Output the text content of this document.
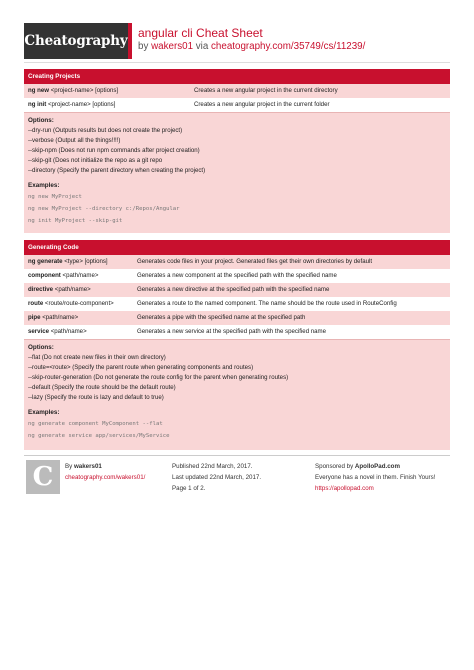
Cheatography angular cli Cheat Sheet
by wakers01 via cheatography.com/35749/cs/11239/
Creating Projects
ng new <project-name> [options]	Creates a new angular project in the current directory
ng init <project-name> [options]	Creates a new angular project in the current folder
Options:
--dry-run (Outputs results but does not create the project)
--verbose (Output all the things!!!!)
--skip-npm (Does not run npm commands after project creation)
--skip-git (Does not initialize the repo as a git repo
--directory (Specify the parent directory when creating the project)
Examples:
ng new MyProject
ng new MyProject --directory c:/Repos/Angular
ng init MyProject --skip-git
Generating Code
ng generate <type> [options]	Generates code files in your project. Generated files get their own directories by default
component <path/name>	Generates a new component at the specified path with the specified name
directive <path/name>	Generates a new directive at the specified path with the specified name
route <route/route-component>	Generates a route to the named component. The name should be the route used in RouteConfig
pipe <path/name>	Generates a pipe with the specified name at the specified path
service <path/name>	Generates a new service at the specified path with the specified name
Options:
--flat (Do not create new files in their own directory)
--route=<route> (Specify the parent route when generating components and routes)
--skip-router-generation (Do not generate the route config for the parent when generating routes)
--default (Specify the route should be the default route)
--lazy (Specify the route is lazy and default to true)
Examples:
ng generate component MyComponent --flat
ng generate service app/services/MyService
C	By wakers01
cheatography.com/wakers01/
Published 22nd March, 2017.
Last updated 22nd March, 2017.
Page 1 of 2.
Sponsored by ApolloPad.com
Everyone has a novel in them. Finish Yours!
https://apollopad.com
